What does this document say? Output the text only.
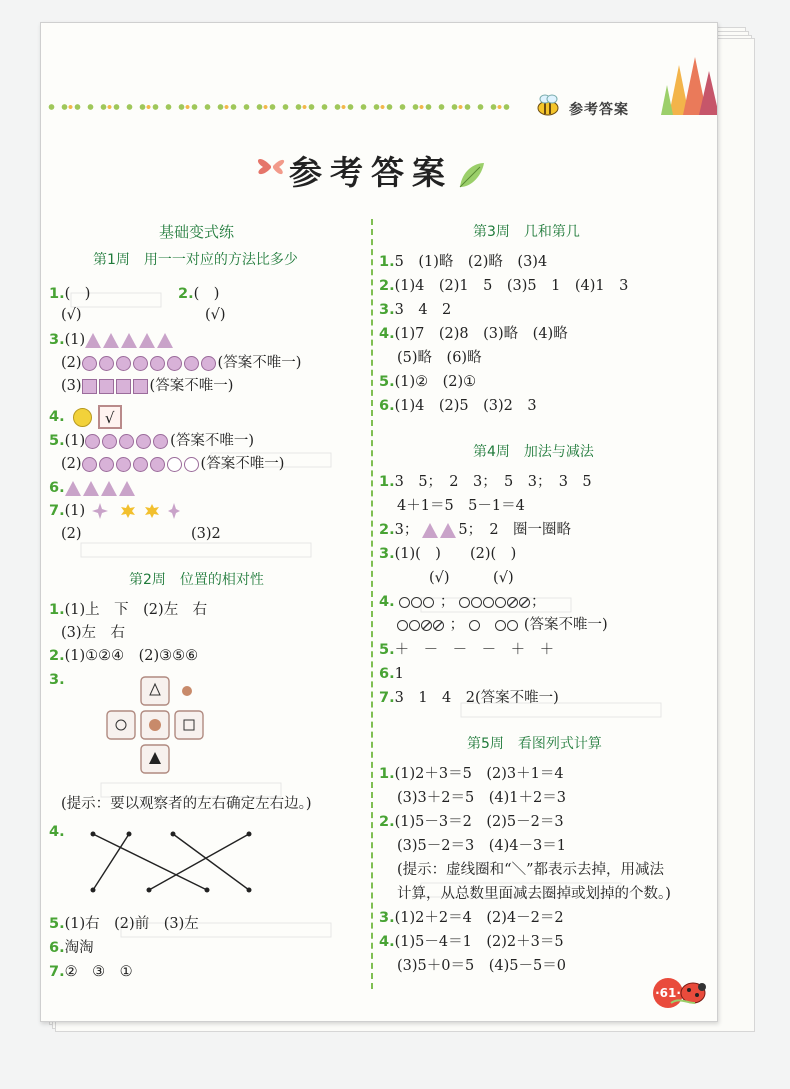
参考答案
参考答案
基础变式练
第1周　用一一对应的方法比多少
1.(　)
(√)
2.(　)
(√)
3.(1)
(2)	(答案不唯一)
(3)	(答案不唯一)
4.	√
5.(1)	(答案不唯一)
(2)	(答案不唯一)
6.
7.(1)
(2)	(3)2
第2周　位置的相对性
1.(1)上　下　(2)左　右
(3)左　右
2.(1)①②④　(2)③⑤⑥
3.
(提示：要以观察者的左右确定左右边。)
4.
5.(1)右　(2)前　(3)左
6.淘淘
7.②　③　①
第3周　几和第几
1.5　(1)略　(2)略　(3)4
2.(1)4　(2)1　5　(3)5　1　(4)1　3
3.3　4　2
4.(1)7　(2)8　(3)略　(4)略
(5)略　(6)略
5.(1)②　(2)①
6.(1)4　(2)5　(3)2　3
第4周　加法与减法
1.3　5；　2　3；　5　3；　3　5
4＋1＝5　5－1＝4
2.3；	5；　2　圈一圈略
3.(1)(　)　　(2)(　)
(√)　　　(√)
4.	；	；
； 　	(答案不唯一)
5.＋　－　－　－　＋　＋
6.1
7.3　1　4　2(答案不唯一)
第5周　看图列式计算
1.(1)2＋3＝5　(2)3＋1＝4
(3)3＋2＝5　(4)1＋2＝3
2.(1)5－3＝2　(2)5－2＝3
(3)5－2＝3　(4)4－3＝1
(提示：虚线圈和“＼”都表示去掉，用减法
计算，从总数里面减去圈掉或划掉的个数。)
3.(1)2＋2＝4　(2)4－2＝2
4.(1)5－4＝1　(2)2＋3＝5
(3)5＋0＝5　(4)5－5＝0
·61·
